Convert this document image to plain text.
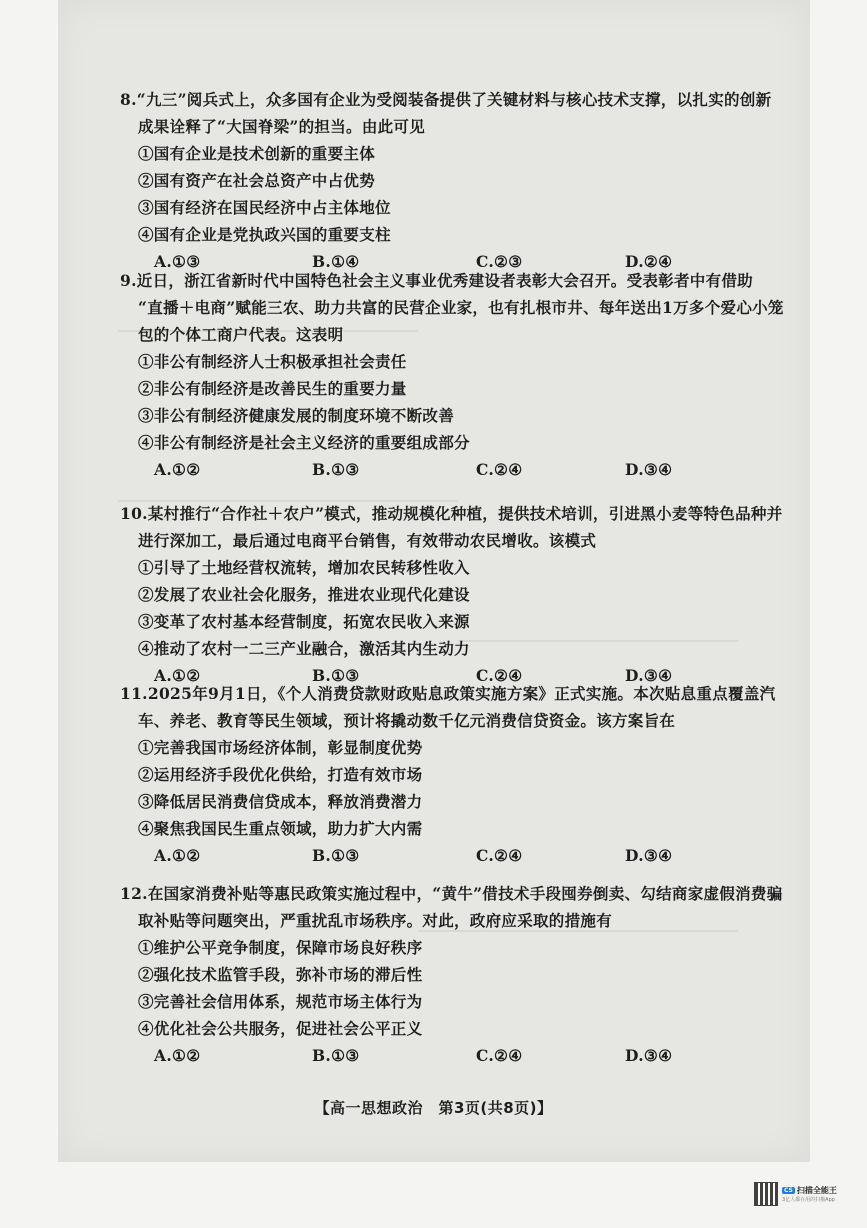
8.“九三”阅兵式上，众多国有企业为受阅装备提供了关键材料与核心技术支撑，以扎实的创新
成果诠释了“大国脊梁”的担当。由此可见
①国有企业是技术创新的重要主体
②国有资产在社会总资产中占优势
③国有经济在国民经济中占主体地位
④国有企业是党执政兴国的重要支柱
A.①③	B.①④	C.②③	D.②④
9.近日，浙江省新时代中国特色社会主义事业优秀建设者表彰大会召开。受表彰者中有借助
“直播＋电商”赋能三农、助力共富的民营企业家，也有扎根市井、每年送出1万多个爱心小笼
包的个体工商户代表。这表明
①非公有制经济人士积极承担社会责任
②非公有制经济是改善民生的重要力量
③非公有制经济健康发展的制度环境不断改善
④非公有制经济是社会主义经济的重要组成部分
A.①②	B.①③	C.②④	D.③④
10.某村推行“合作社＋农户”模式，推动规模化种植，提供技术培训，引进黑小麦等特色品种并
进行深加工，最后通过电商平台销售，有效带动农民增收。该模式
①引导了土地经营权流转，增加农民转移性收入
②发展了农业社会化服务，推进农业现代化建设
③变革了农村基本经营制度，拓宽农民收入来源
④推动了农村一二三产业融合，激活其内生动力
A.①②	B.①③	C.②④	D.③④
11.2025年9月1日，《个人消费贷款财政贴息政策实施方案》正式实施。本次贴息重点覆盖汽
车、养老、教育等民生领域，预计将撬动数千亿元消费信贷资金。该方案旨在
①完善我国市场经济体制，彰显制度优势
②运用经济手段优化供给，打造有效市场
③降低居民消费信贷成本，释放消费潜力
④聚焦我国民生重点领域，助力扩大内需
A.①②	B.①③	C.②④	D.③④
12.在国家消费补贴等惠民政策实施过程中，“黄牛”借技术手段囤券倒卖、勾结商家虚假消费骗
取补贴等问题突出，严重扰乱市场秩序。对此，政府应采取的措施有
①维护公平竞争制度，保障市场良好秩序
②强化技术监管手段，弥补市场的滞后性
③完善社会信用体系，规范市场主体行为
④优化社会公共服务，促进社会公平正义
A.①②	B.①③	C.②④	D.③④
【高一思想政治　第3页(共8页)】
CS 扫描全能王
3亿人都在用的扫描App
